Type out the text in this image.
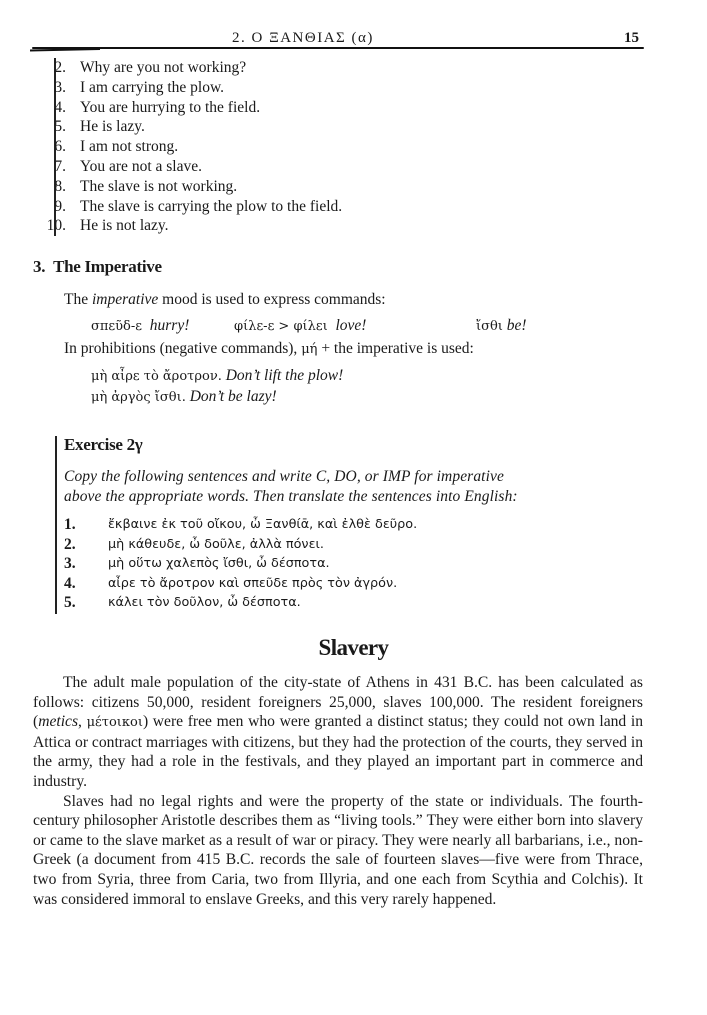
2. Ο ΞΑΝΘΙΑΣ (α)	15
2. Why are you not working?
3. I am carrying the plow.
4. You are hurrying to the field.
5. He is lazy.
6. I am not strong.
7. You are not a slave.
8. The slave is not working.
9. The slave is carrying the plow to the field.
10. He is not lazy.
3. The Imperative
The imperative mood is used to express commands:
σπεῦδ-ε hurry!	φίλε-ε > φίλει love!	ἴσθι be!
In prohibitions (negative commands), μή + the imperative is used:
μὴ αἶρε τὸ ἄροτρον. Don’t lift the plow!
μὴ ἀργὸς ἴσθι. Don’t be lazy!
Exercise 2γ
Copy the following sentences and write C, DO, or IMP for imperative
above the appropriate words. Then translate the sentences into English:
1.	ἔκβαινε ἐκ τοῦ οἴκου, ὦ Ξανθίᾱ, καὶ ἐλθὲ δεῦρο.
2.	μὴ κάθευδε, ὦ δοῦλε, ἀλλὰ πόνει.
3.	μὴ οὕτω χαλεπὸς ἴσθι, ὦ δέσποτα.
4.	αἶρε τὸ ἄροτρον καὶ σπεῦδε πρὸς τὸν ἀγρόν.
5.	κάλει τὸν δοῦλον, ὦ δέσποτα.
Slavery

The adult male population of the city-state of Athens in 431 B.C. has been calculated as follows: citizens 50,000, resident foreigners 25,000, slaves 100,000. The resident foreigners (metics, μέτοικοι) were free men who were granted a distinct status; they could not own land in Attica or contract marriages with citizens, but they had the protection of the courts, they served in the army, they had a role in the festivals, and they played an important part in commerce and industry.

Slaves had no legal rights and were the property of the state or individuals. The fourth-century philosopher Aristotle describes them as “living tools.” They were either born into slavery or came to the slave market as a result of war or piracy. They were nearly all barbarians, i.e., non-Greek (a document from 415 B.C. records the sale of fourteen slaves—five were from Thrace, two from Syria, three from Caria, two from Illyria, and one each from Scythia and Colchis). It was considered immoral to enslave Greeks, and this very rarely happened.
